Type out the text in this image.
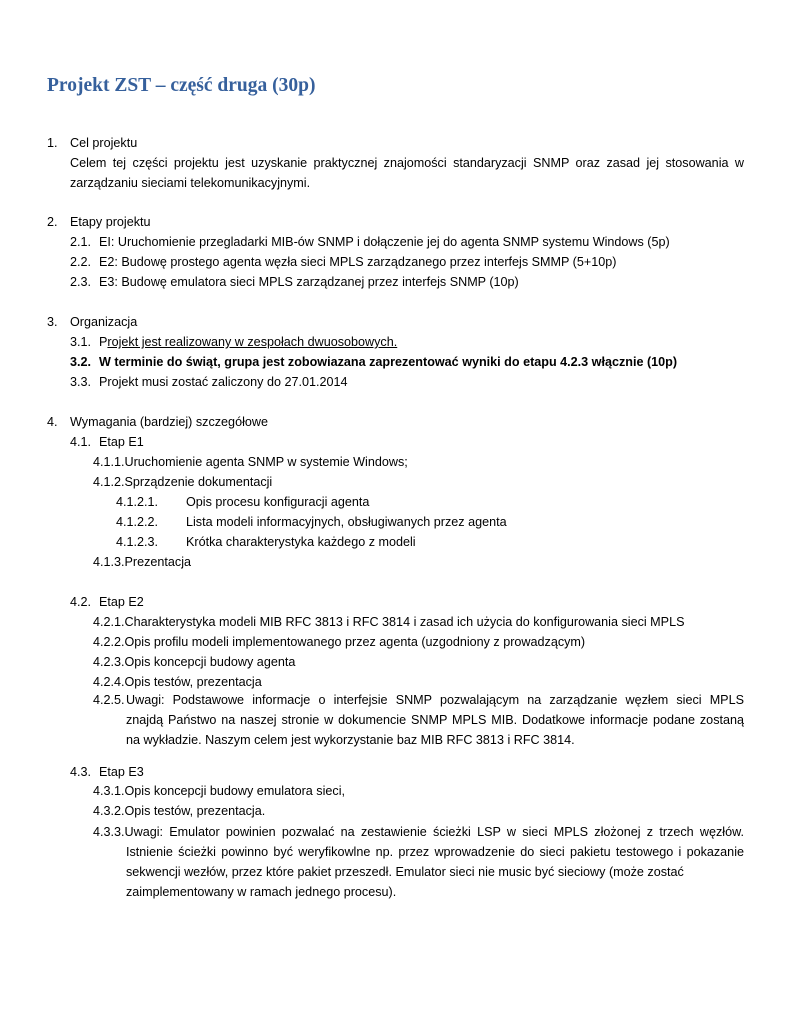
Projekt ZST – część druga (30p)
1. Cel projektu
Celem tej części projektu jest uzyskanie praktycznej znajomości standaryzacji SNMP oraz zasad jej stosowania w
zarządzaniu sieciami telekomunikacyjnymi.
2. Etapy projektu
2.1. EI: Uruchomienie przegladarki MIB-ów SNMP i dołączenie jej do agenta SNMP systemu Windows (5p)
2.2. E2: Budowę prostego agenta węzła sieci MPLS zarządzanego przez interfejs SMMP (5+10p)
2.3. E3: Budowę emulatora sieci MPLS zarządzanej przez interfejs SNMP (10p)
3. Organizacja
3.1. Projekt jest realizowany w zespołach dwuosobowych.
3.2. W terminie do świąt, grupa jest zobowiazana zaprezentować wyniki do etapu 4.2.3 włącznie (10p)
3.3. Projekt musi zostać zaliczony do 27.01.2014
4. Wymagania (bardziej) szczegółowe
4.1. Etap E1
4.1.1.Uruchomienie agenta SNMP w systemie Windows;
4.1.2.Sprządzenie dokumentacji
4.1.2.1. Opis procesu konfiguracji agenta
4.1.2.2. Lista modeli informacyjnych, obsługiwanych przez agenta
4.1.2.3. Krótka charakterystyka każdego z modeli
4.1.3.Prezentacja
4.2. Etap E2
4.2.1.Charakterystyka modeli MIB RFC 3813 i RFC 3814 i zasad ich użycia do konfigurowania sieci MPLS
4.2.2.Opis profilu modeli implementowanego przez agenta (uzgodniony z prowadzącym)
4.2.3.Opis koncepcji budowy agenta
4.2.4.Opis testów, prezentacja
4.2.5. Uwagi: Podstawowe informacje o interfejsie SNMP pozwalającym na zarządzanie węzłem sieci MPLS
znajdą Państwo na naszej stronie w dokumencie SNMP MPLS MIB. Dodatkowe informacje podane zostaną
na wykładzie. Naszym celem jest wykorzystanie baz MIB RFC 3813 i RFC 3814.
4.3. Etap E3
4.3.1.Opis koncepcji budowy emulatora sieci,
4.3.2.Opis testów, prezentacja.
4.3.3.Uwagi: Emulator powinien pozwalać na zestawienie ścieżki LSP w sieci MPLS złożonej z trzech węzłów.
Istnienie ścieżki powinno być weryfikowlne np. przez wprowadzenie do sieci pakietu testowego i pokazanie
sekwencji wezłów, przez które pakiet przeszedł. Emulator sieci nie music być sieciowy (może zostać
zaimplementowany w ramach jednego procesu).
